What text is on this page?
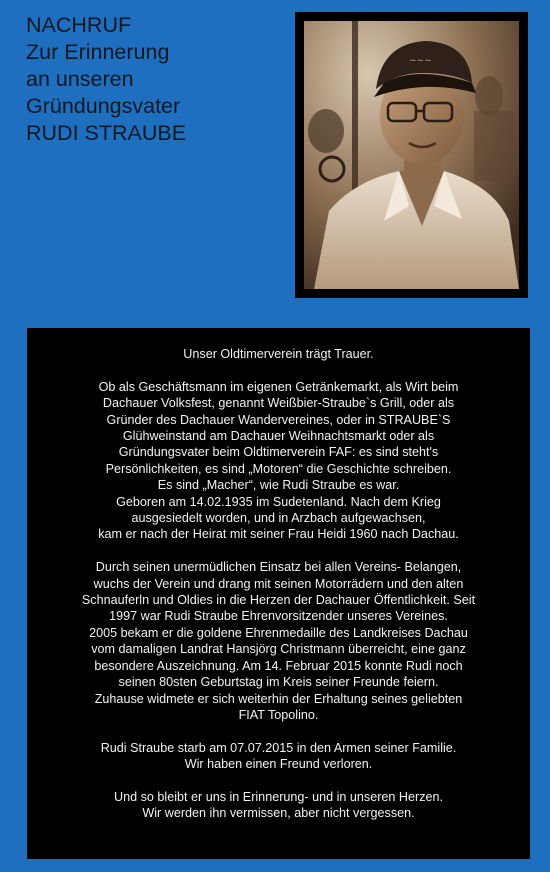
NACHRUF
Zur Erinnerung
an unseren
Gründungsvater
RUDI STRAUBE
~~~

Unser Oldtimerverein trägt Trauer.

Ob als Geschäftsmann im eigenen Getränkemarkt, als Wirt beim
Dachauer Volksfest, genannt Weißbier-Straube`s Grill, oder als
Gründer des Dachauer Wandervereines, oder in STRAUBE`S
Glühweinstand am Dachauer Weihnachtsmarkt oder als
Gründungsvater beim Oldtimerverein FAF: es sind steht's
Persönlichkeiten, es sind „Motoren“ die Geschichte schreiben.
Es sind „Macher“, wie Rudi Straube es war.
Geboren am 14.02.1935 im Sudetenland. Nach dem Krieg
ausgesiedelt worden, und in Arzbach aufgewachsen,
kam er nach der Heirat mit seiner Frau Heidi 1960 nach Dachau.

Durch seinen unermüdlichen Einsatz bei allen Vereins- Belangen,
wuchs der Verein und drang mit seinen Motorrädern und den alten
Schnauferln und Oldies in die Herzen der Dachauer Öffentlichkeit. Seit
1997 war Rudi Straube Ehrenvorsitzender unseres Vereines.
2005 bekam er die goldene Ehrenmedaille des Landkreises Dachau
vom damaligen Landrat Hansjörg Christmann überreicht, eine ganz
besondere Auszeichnung. Am 14. Februar 2015 konnte Rudi noch
seinen 80sten Geburtstag im Kreis seiner Freunde feiern.
Zuhause widmete er sich weiterhin der Erhaltung seines geliebten
FIAT Topolino.

Rudi Straube starb am 07.07.2015 in den Armen seiner Familie.
Wir haben einen Freund verloren.

Und so bleibt er uns in Erinnerung- und in unseren Herzen.
Wir werden ihn vermissen, aber nicht vergessen.
